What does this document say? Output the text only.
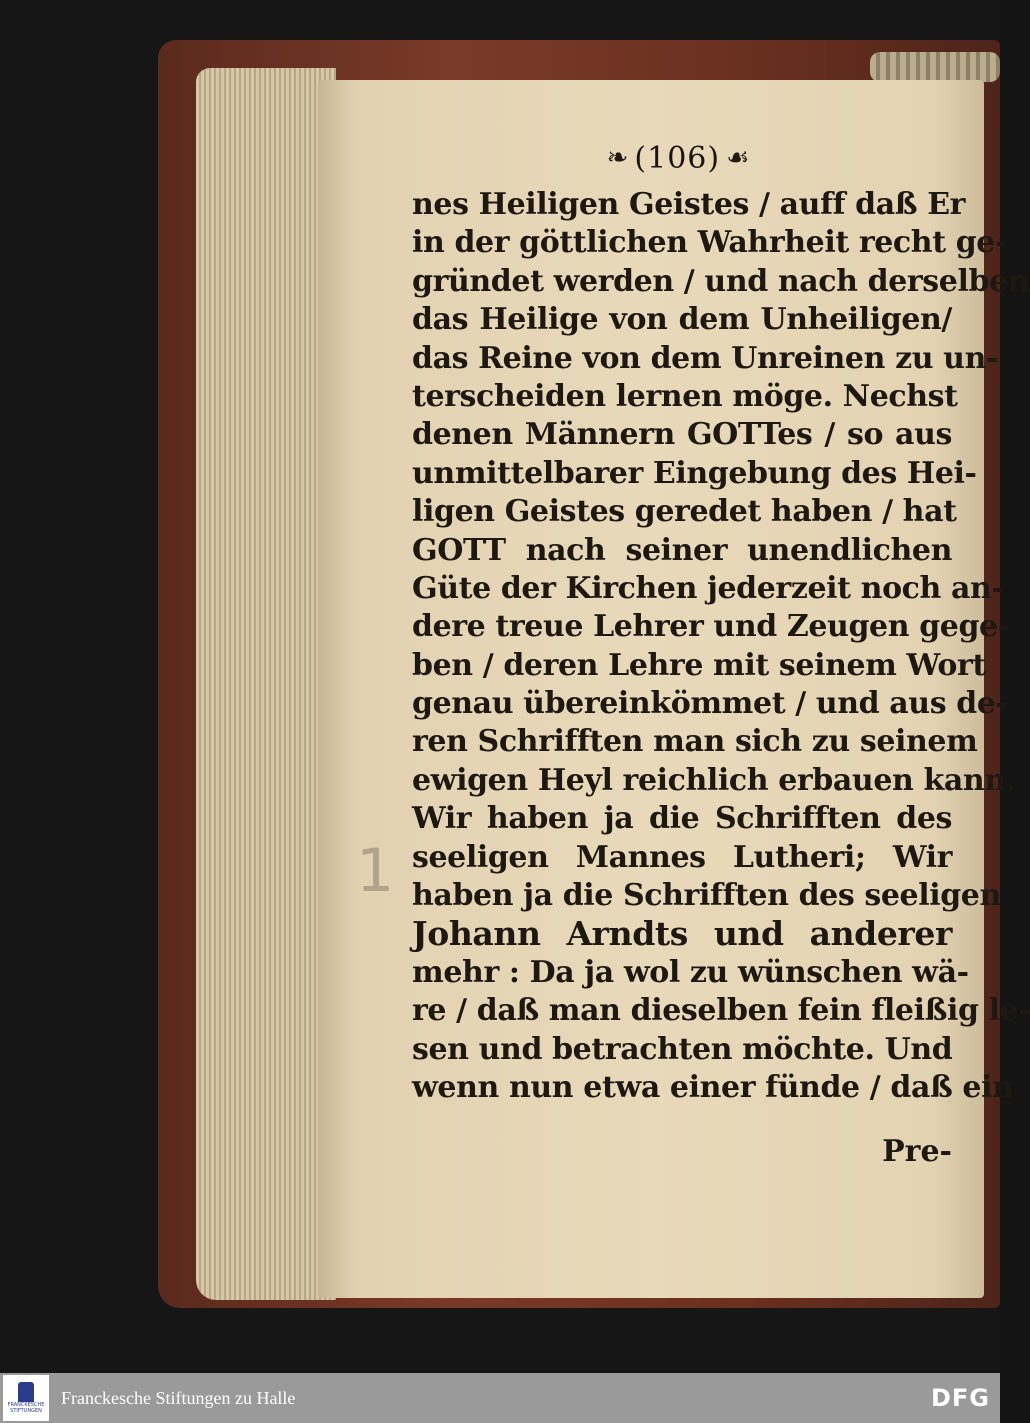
❧ (106) ☙
1
nes Heiligen Geistes / auff daß Er
in der göttlichen Wahrheit recht ge-
gründet werden / und nach derselben
das Heilige von dem Unheiligen/
das Reine von dem Unreinen zu un-
terscheiden lernen möge. Nechst
denen Männern GOTTes / so aus
unmittelbarer Eingebung des Hei-
ligen Geistes geredet haben / hat
GOTT nach seiner unendlichen
Güte der Kirchen jederzeit noch an-
dere treue Lehrer und Zeugen gege-
ben / deren Lehre mit seinem Wort
genau übereinkömmet / und aus de-
ren Schrifften man sich zu seinem
ewigen Heyl reichlich erbauen kann.
Wir haben ja die Schrifften des
seeligen Mannes Lutheri; Wir
haben ja die Schrifften des seeligen
Johann Arndts und anderer
mehr : Da ja wol zu wünschen wä-
re / daß man dieselben fein fleißig le-
sen und betrachten möchte. Und
wenn nun etwa einer fünde / daß ein
Pre-
FRANCKESCHE STIFTUNGEN
Franckesche Stiftungen zu Halle	DFG
